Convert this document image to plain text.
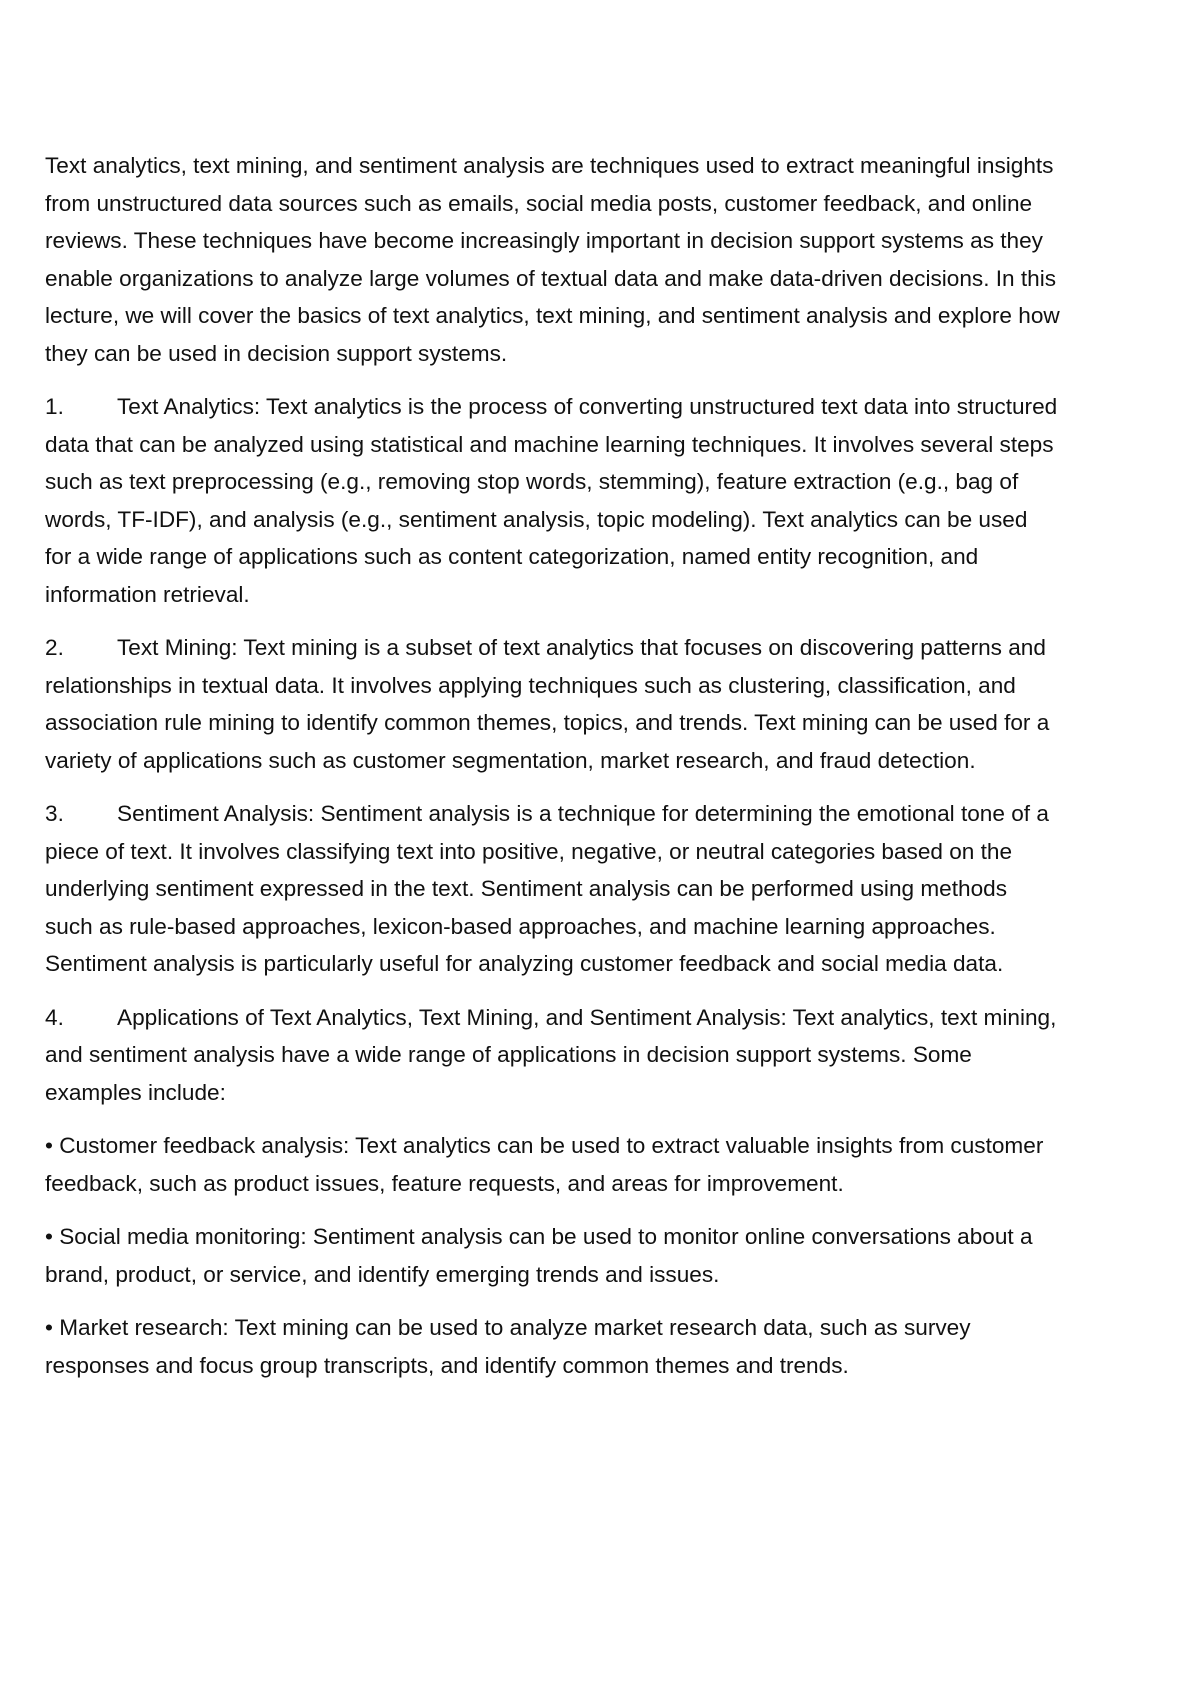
Text analytics, text mining, and sentiment analysis are techniques used to extract meaningful insights from unstructured data sources such as emails, social media posts, customer feedback, and online reviews. These techniques have become increasingly important in decision support systems as they enable organizations to analyze large volumes of textual data and make data-driven decisions. In this lecture, we will cover the basics of text analytics, text mining, and sentiment analysis and explore how they can be used in decision support systems.

1. Text Analytics: Text analytics is the process of converting unstructured text data into structured data that can be analyzed using statistical and machine learning techniques. It involves several steps such as text preprocessing (e.g., removing stop words, stemming), feature extraction (e.g., bag of words, TF-IDF), and analysis (e.g., sentiment analysis, topic modeling). Text analytics can be used for a wide range of applications such as content categorization, named entity recognition, and information retrieval.

2. Text Mining: Text mining is a subset of text analytics that focuses on discovering patterns and relationships in textual data. It involves applying techniques such as clustering, classification, and association rule mining to identify common themes, topics, and trends. Text mining can be used for a variety of applications such as customer segmentation, market research, and fraud detection.

3. Sentiment Analysis: Sentiment analysis is a technique for determining the emotional tone of a piece of text. It involves classifying text into positive, negative, or neutral categories based on the underlying sentiment expressed in the text. Sentiment analysis can be performed using methods such as rule-based approaches, lexicon-based approaches, and machine learning approaches. Sentiment analysis is particularly useful for analyzing customer feedback and social media data.

4. Applications of Text Analytics, Text Mining, and Sentiment Analysis: Text analytics, text mining, and sentiment analysis have a wide range of applications in decision support systems. Some examples include:

• Customer feedback analysis: Text analytics can be used to extract valuable insights from customer feedback, such as product issues, feature requests, and areas for improvement.

• Social media monitoring: Sentiment analysis can be used to monitor online conversations about a brand, product, or service, and identify emerging trends and issues.

• Market research: Text mining can be used to analyze market research data, such as survey responses and focus group transcripts, and identify common themes and trends.
